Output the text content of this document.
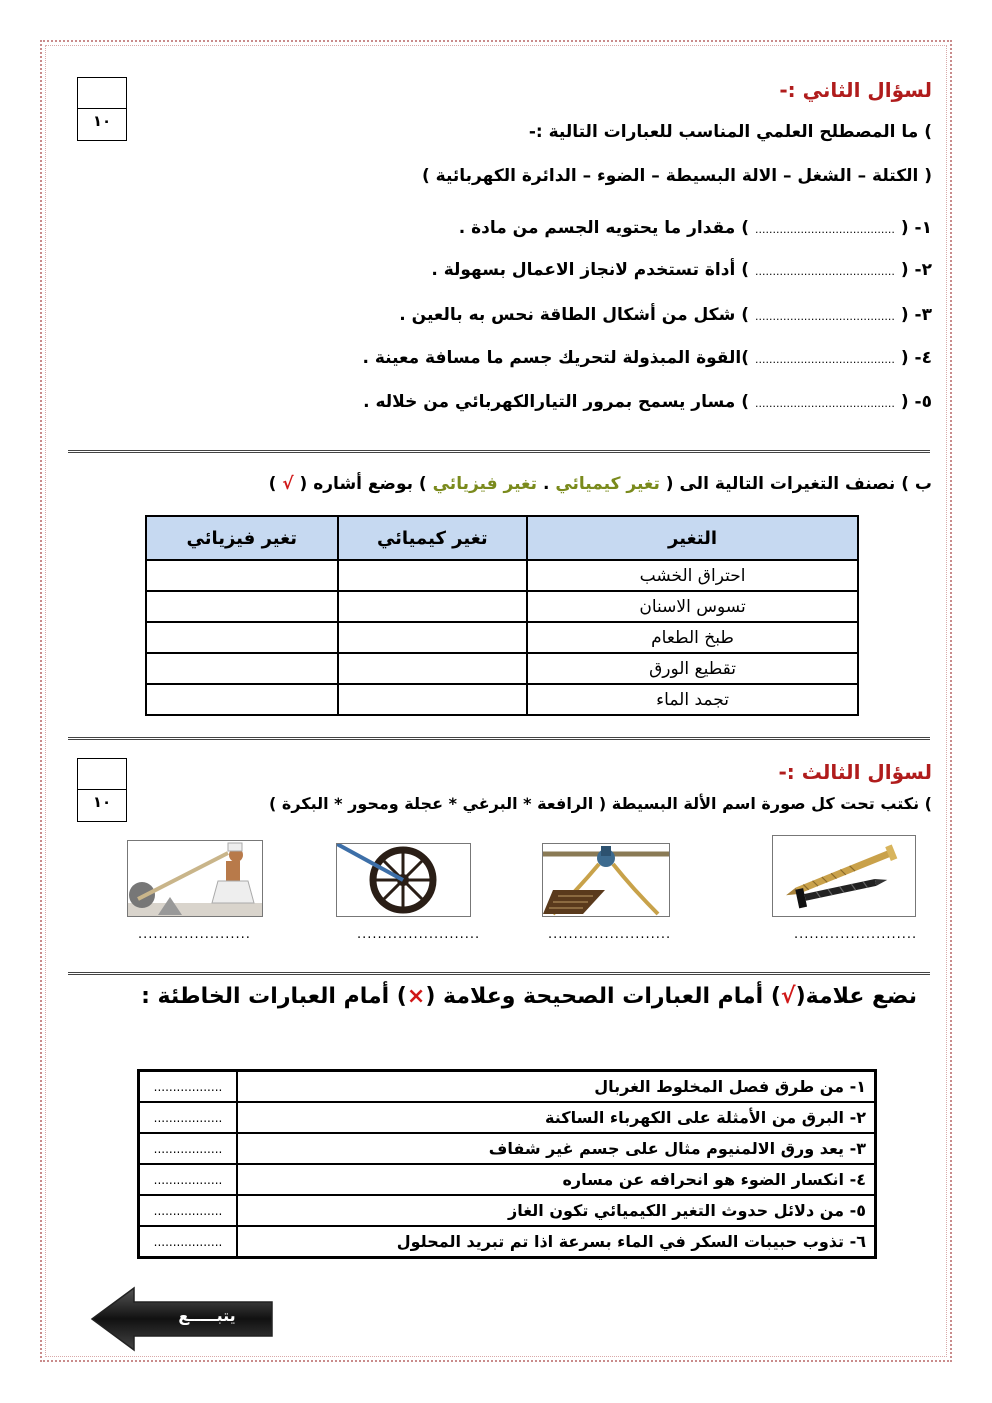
١٠
لسؤال الثاني :-
) ما المصطلح العلمي المناسب للعبارات التالية :-
( الكتلة – الشغل – الالة البسيطة – الضوء – الدائرة الكهربائية )
١- (........................................) مقدار ما يحتويه الجسم من مادة .
٢- (........................................) أداة تستخدم لانجاز الاعمال بسهولة .
٣- (........................................) شكل من أشكال الطاقة نحس به بالعين .
٤- (........................................)القوة المبذولة لتحريك جسم ما مسافة معينة .
٥- (........................................) مسار يسمح بمرور التيارالكهربائي من خلاله .
ب ) نصنف التغيرات التالية الى ( تغير كيميائي . تغير فيزيائي ) بوضع أشاره ( √ )
التغير	تغير كيميائي	تغير فيزيائي
احتراق الخشب		
تسوس الاسنان		
طبخ الطعام		
تقطيع الورق		
تجمد الماء		
١٠
لسؤال الثالث :-
) نكتب تحت كل صورة اسم الألة البسيطة ( الرافعة * البرغي * عجلة ومحور * البكرة )
........................
........................
........................
......................
نضع علامة(√) أمام العبارات الصحيحة وعلامة (×) أمام العبارات الخاطئة :
..................	١- من طرق فصل المخلوط الغربال
..................	٢- البرق من الأمثلة على الكهرباء الساكنة
..................	٣- يعد ورق الالمنيوم مثال على جسم غير شفاف
..................	٤- انكسار الضوء هو انحرافه عن مساره
..................	٥- من دلائل حدوث التغير الكيميائي تكون الغاز
..................	٦- تذوب حبيبات السكر في الماء بسرعة اذا تم تبريد المحلول
يتبـــــع
